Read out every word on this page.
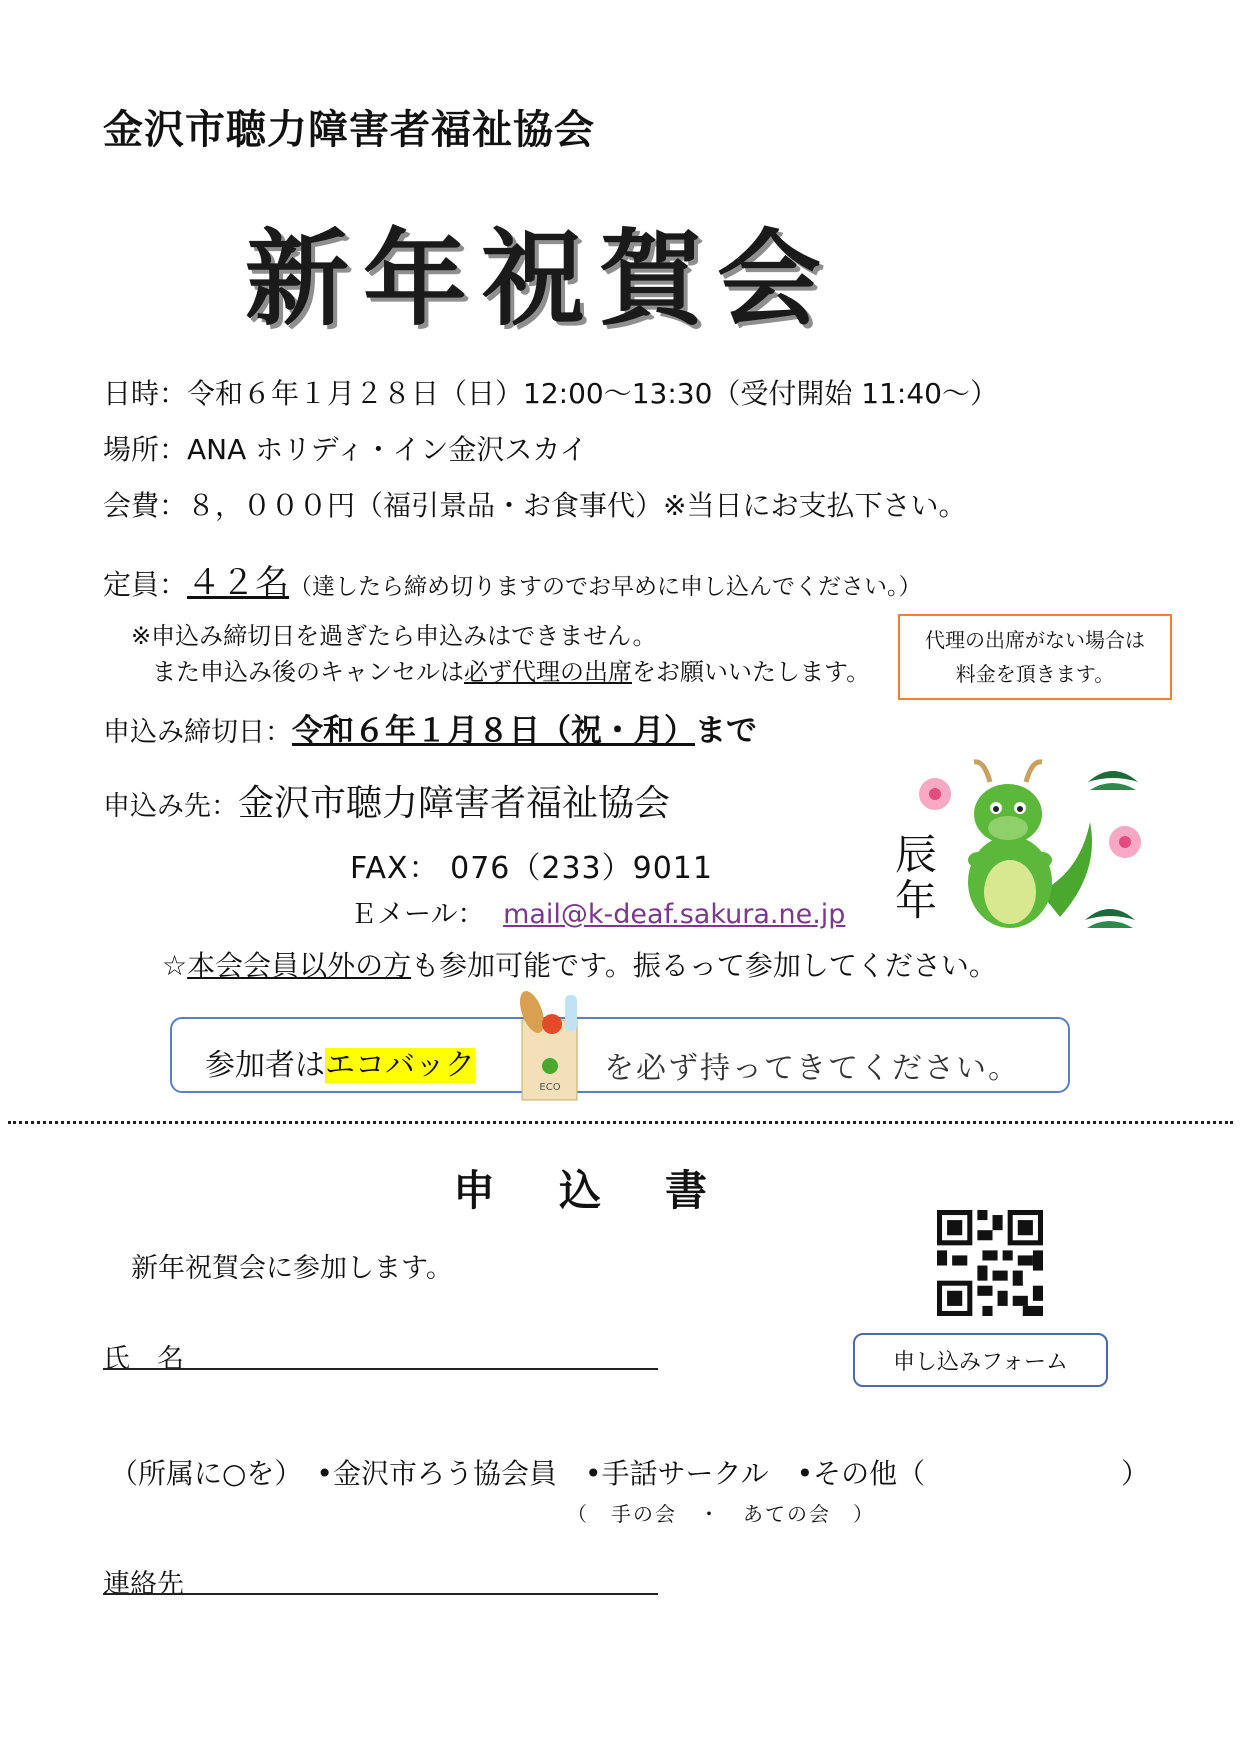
金沢市聴力障害者福祉協会
新年祝賀会
日時：令和６年１月２８日（日）12:00～13:30（受付開始 11:40～）
場所：ANA ホリディ・イン金沢スカイ
会費：８，０００円（福引景品・お食事代）※当日にお支払下さい。
定員：４２名（達したら締め切りますのでお早めに申し込んでください。）
※申込み締切日を過ぎたら申込みはできません。
また申込み後のキャンセルは必ず代理の出席をお願いいたします。
代理の出席がない場合は
料金を頂きます。
申込み締切日：令和６年１月８日（祝・月）まで
申込み先：金沢市聴力障害者福祉協会
FAX： 076（233）9011
Ｅメール： mail@k-deaf.sakura.ne.jp
辰
年
☆本会会員以外の方も参加可能です。振るって参加してください。
参加者はエコバック	を必ず持ってきてください。
ECO
申込書
新年祝賀会に参加します。
氏　名	申し込みフォーム
（所属に○を）　•金沢市ろう協会員　•手話サークル　•その他（　　　　　　　）
（　手の会　・　あての会　）
連絡先
